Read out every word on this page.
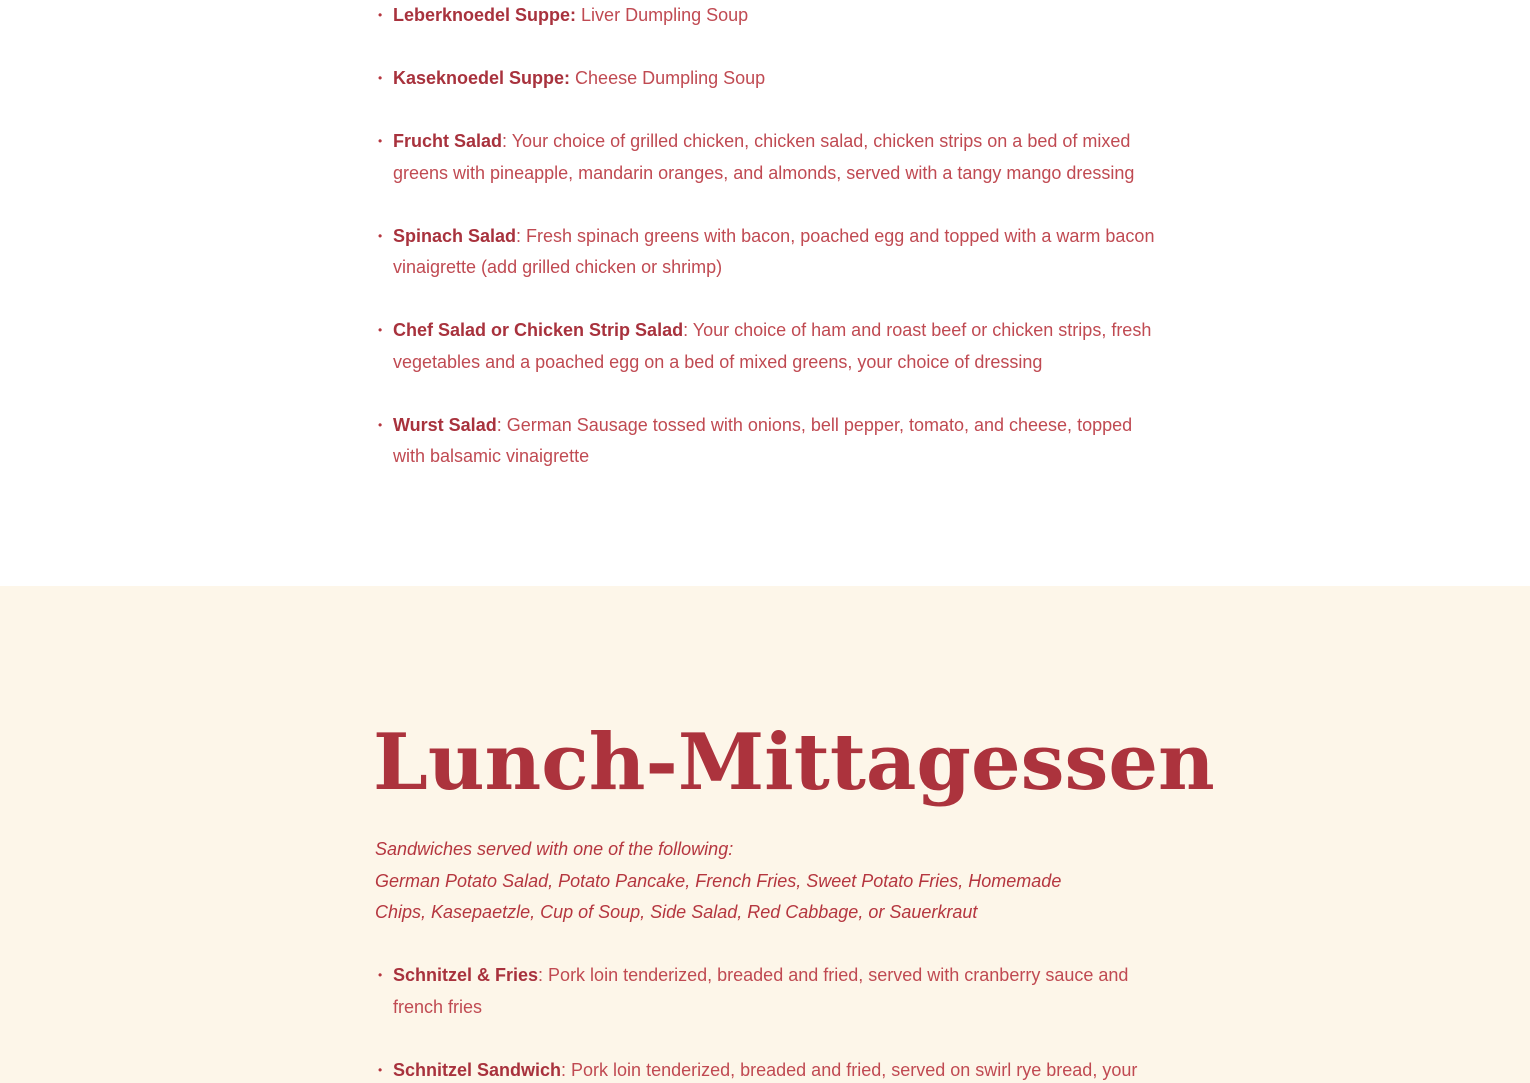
• Leberknoedel Suppe: Liver Dumpling Soup
• Kaseknoedel Suppe: Cheese Dumpling Soup
• Frucht Salad: Your choice of grilled chicken, chicken salad, chicken strips on a bed of mixed greens with pineapple, mandarin oranges, and almonds, served with a tangy mango dressing
• Spinach Salad: Fresh spinach greens with bacon, poached egg and topped with a warm bacon vinaigrette (add grilled chicken or shrimp)
• Chef Salad or Chicken Strip Salad: Your choice of ham and roast beef or chicken strips, fresh vegetables and a poached egg on a bed of mixed greens, your choice of dressing
• Wurst Salad: German Sausage tossed with onions, bell pepper, tomato, and cheese, topped with balsamic vinaigrette
Lunch-Mittagessen

Sandwiches served with one of the following:

German Potato Salad, Potato Pancake, French Fries, Sweet Potato Fries, Homemade Chips, Kasepaetzle, Cup of Soup, Side Salad, Red Cabbage, or Sauerkraut

• Schnitzel & Fries: Pork loin tenderized, breaded and fried, served with cranberry sauce and french fries
• Schnitzel Sandwich: Pork loin tenderized, breaded and fried, served on swirl rye bread, your
